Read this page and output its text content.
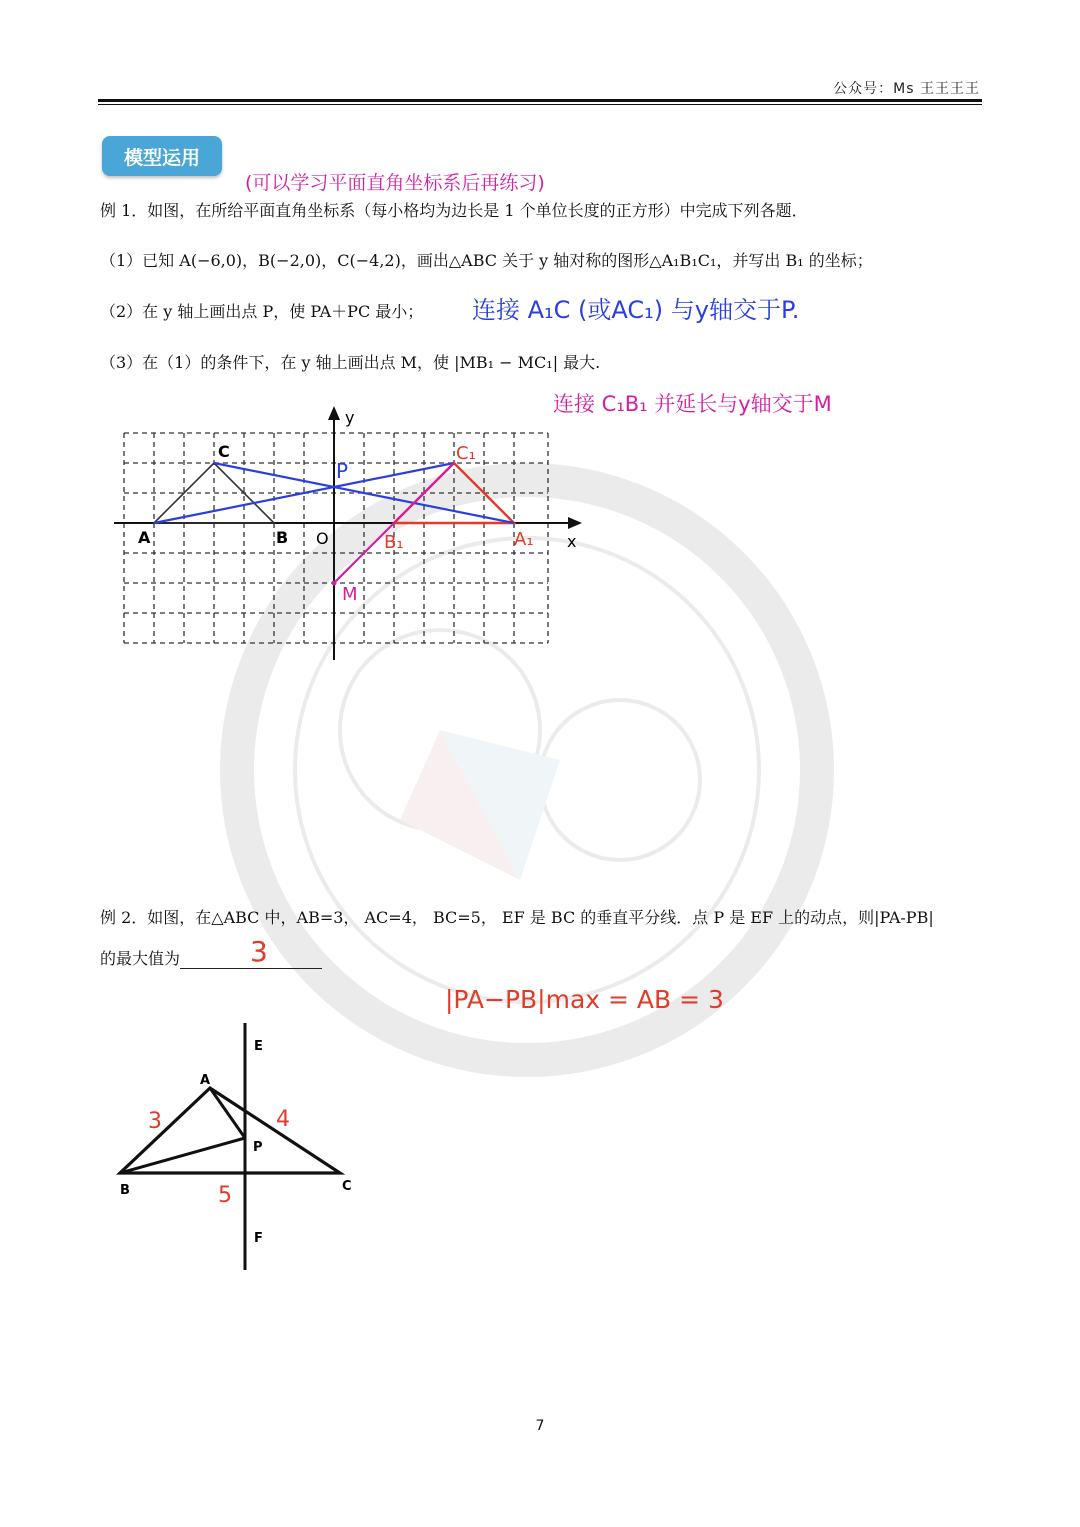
公众号：Ms 王王王王
模型运用
(可以学习平面直角坐标系后再练习)
例 1．如图，在所给平面直角坐标系（每小格均为边长是 1 个单位长度的正方形）中完成下列各题．
（1）已知 A(−6,0)，B(−2,0)，C(−4,2)，画出△ABC 关于 y 轴对称的图形△A₁B₁C₁，并写出 B₁ 的坐标；
（2）在 y 轴上画出点 P，使 PA＋PC 最小； 连接 A₁C (或AC₁) 与y轴交于P.
（3）在（1）的条件下，在 y 轴上画出点 M，使 |MB₁ − MC₁| 最大.
连接 C₁B₁ 并延长与y轴交于M
y
x
O
A	B
C
A₁
B₁
C₁
P
M
例 2．如图，在△ABC 中，AB=3， AC=4， BC=5， EF 是 BC 的垂直平分线．点 P 是 EF 上的动点，则|PA-PB|
的最大值为	3
|PA−PB|max = AB = 3
E
F
A
B	C
P
3	4
5
7
